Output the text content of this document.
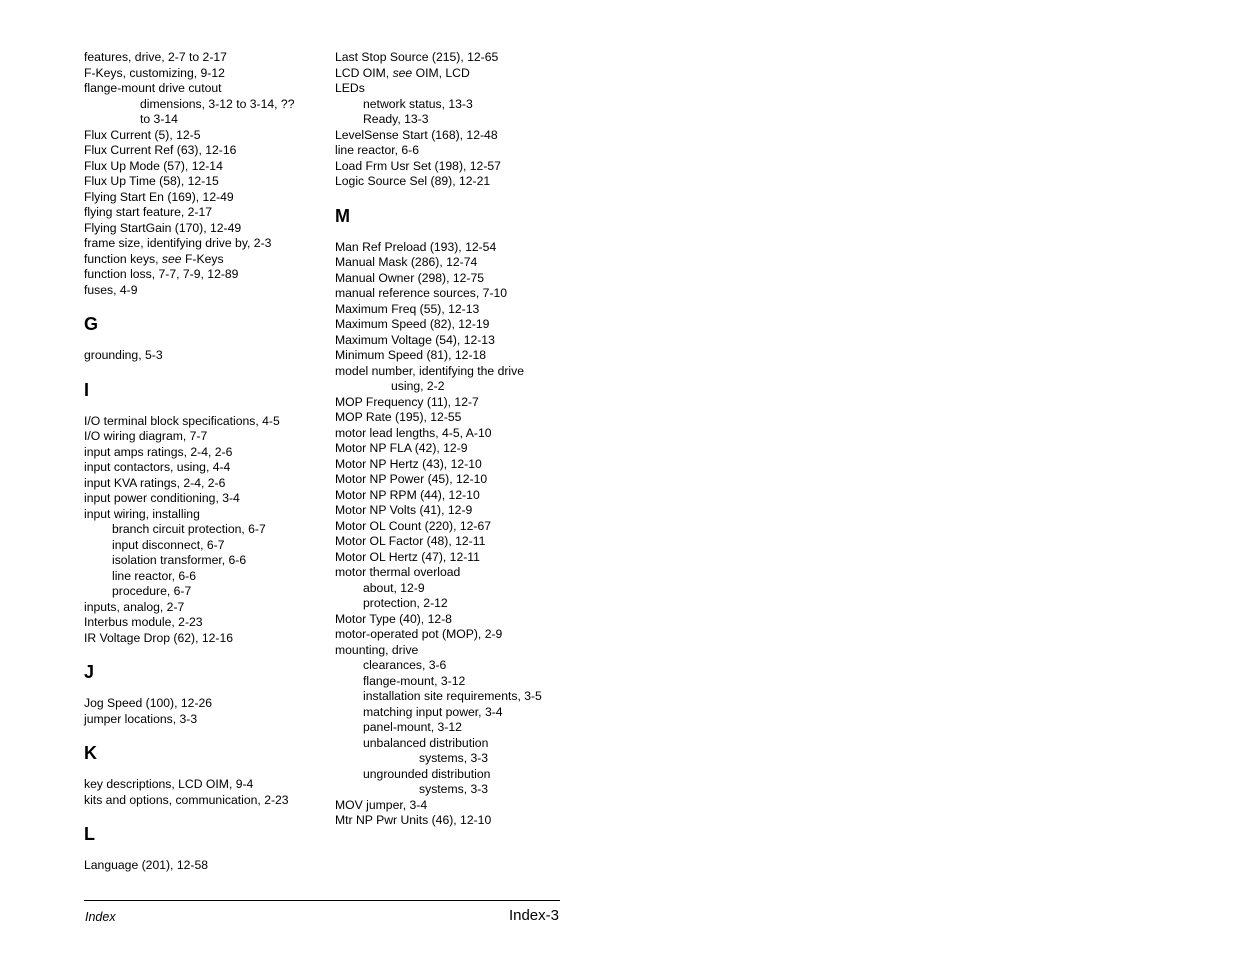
features, drive, 2-7 to 2-17
F-Keys, customizing, 9-12
flange-mount drive cutout
dimensions, 3-12 to 3-14, ??
to 3-14
Flux Current (5), 12-5
Flux Current Ref (63), 12-16
Flux Up Mode (57), 12-14
Flux Up Time (58), 12-15
Flying Start En (169), 12-49
flying start feature, 2-17
Flying StartGain (170), 12-49
frame size, identifying drive by, 2-3
function keys, see F-Keys
function loss, 7-7, 7-9, 12-89
fuses, 4-9
G
grounding, 5-3
I
I/O terminal block specifications, 4-5
I/O wiring diagram, 7-7
input amps ratings, 2-4, 2-6
input contactors, using, 4-4
input KVA ratings, 2-4, 2-6
input power conditioning, 3-4
input wiring, installing
branch circuit protection, 6-7
input disconnect, 6-7
isolation transformer, 6-6
line reactor, 6-6
procedure, 6-7
inputs, analog, 2-7
Interbus module, 2-23
IR Voltage Drop (62), 12-16
J
Jog Speed (100), 12-26
jumper locations, 3-3
K
key descriptions, LCD OIM, 9-4
kits and options, communication, 2-23
L
Language (201), 12-58
Last Stop Source (215), 12-65
LCD OIM, see OIM, LCD
LEDs
network status, 13-3
Ready, 13-3
LevelSense Start (168), 12-48
line reactor, 6-6
Load Frm Usr Set (198), 12-57
Logic Source Sel (89), 12-21
M
Man Ref Preload (193), 12-54
Manual Mask (286), 12-74
Manual Owner (298), 12-75
manual reference sources, 7-10
Maximum Freq (55), 12-13
Maximum Speed (82), 12-19
Maximum Voltage (54), 12-13
Minimum Speed (81), 12-18
model number, identifying the drive
using, 2-2
MOP Frequency (11), 12-7
MOP Rate (195), 12-55
motor lead lengths, 4-5, A-10
Motor NP FLA (42), 12-9
Motor NP Hertz (43), 12-10
Motor NP Power (45), 12-10
Motor NP RPM (44), 12-10
Motor NP Volts (41), 12-9
Motor OL Count (220), 12-67
Motor OL Factor (48), 12-11
Motor OL Hertz (47), 12-11
motor thermal overload
about, 12-9
protection, 2-12
Motor Type (40), 12-8
motor-operated pot (MOP), 2-9
mounting, drive
clearances, 3-6
flange-mount, 3-12
installation site requirements, 3-5
matching input power, 3-4
panel-mount, 3-12
unbalanced distribution
systems, 3-3
ungrounded distribution
systems, 3-3
MOV jumper, 3-4
Mtr NP Pwr Units (46), 12-10
Index	Index-3
